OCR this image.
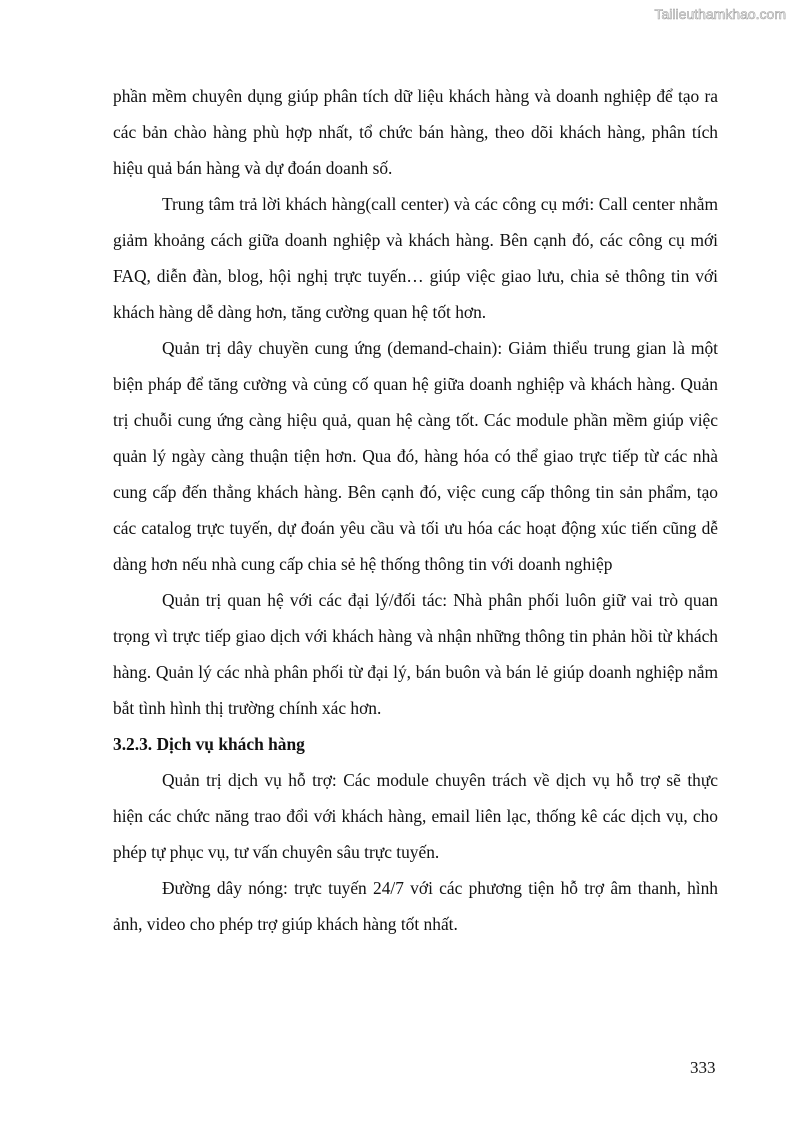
Tailieuthamkhao.com

phần mềm chuyên dụng giúp phân tích dữ liệu khách hàng và doanh nghiệp để tạo ra các bản chào hàng phù hợp nhất, tổ chức bán hàng, theo dõi khách hàng, phân tích hiệu quả bán hàng và dự đoán doanh số.

Trung tâm trả lời khách hàng(call center) và các công cụ mới: Call center nhằm giảm khoảng cách giữa doanh nghiệp và khách hàng. Bên cạnh đó, các công cụ mới FAQ, diễn đàn, blog, hội nghị trực tuyến… giúp việc giao lưu, chia sẻ thông tin với khách hàng dễ dàng hơn, tăng cường quan hệ tốt hơn.

Quản trị dây chuyền cung ứng (demand-chain): Giảm thiểu trung gian là một biện pháp để tăng cường và củng cố quan hệ giữa doanh nghiệp và khách hàng. Quản trị chuỗi cung ứng càng hiệu quả, quan hệ càng tốt. Các module phần mềm giúp việc quản lý ngày càng thuận tiện hơn. Qua đó, hàng hóa có thể giao trực tiếp từ các nhà cung cấp đến thẳng khách hàng. Bên cạnh đó, việc cung cấp thông tin sản phẩm, tạo các catalog trực tuyến, dự đoán yêu cầu và tối ưu hóa các hoạt động xúc tiến cũng dễ dàng hơn nếu nhà cung cấp chia sẻ hệ thống thông tin với doanh nghiệp

Quản trị quan hệ với các đại lý/đối tác: Nhà phân phối luôn giữ vai trò quan trọng vì trực tiếp giao dịch với khách hàng và nhận những thông tin phản hồi từ khách hàng. Quản lý các nhà phân phối từ đại lý, bán buôn và bán lẻ giúp doanh nghiệp nắm bắt tình hình thị trường chính xác hơn.

3.2.3. Dịch vụ khách hàng

Quản trị dịch vụ hỗ trợ: Các module chuyên trách về dịch vụ hỗ trợ sẽ thực hiện các chức năng trao đổi với khách hàng, email liên lạc, thống kê các dịch vụ, cho phép tự phục vụ, tư vấn chuyên sâu trực tuyến.

Đường dây nóng: trực tuyến 24/7 với các phương tiện hỗ trợ âm thanh, hình ảnh, video cho phép trợ giúp khách hàng tốt nhất.

333
